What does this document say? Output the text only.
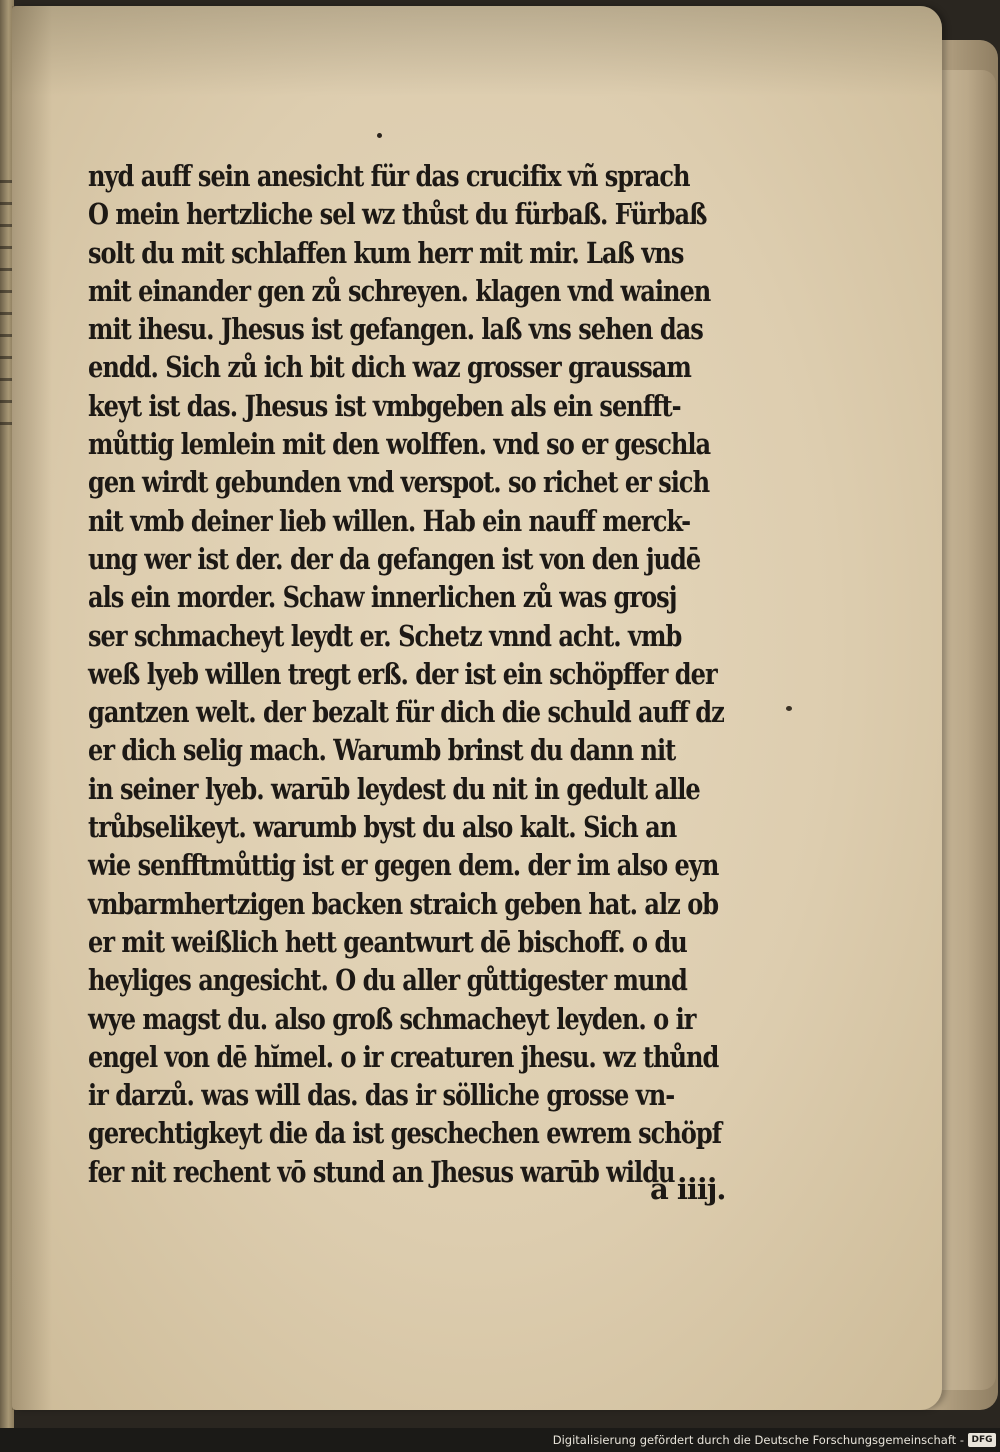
nyd auff sein anesicht für das crucifix vñ sprach
O mein hertzliche sel wz thůst du fürbaß. Fürbaß
solt du mit schlaffen kum herr mit mir. Laß vns
mit einander gen zů schreyen. klagen vnd wainen
mit ihesu. Jhesus ist gefangen. laß vns sehen das
endd. Sich zů ich bit dich waz grosser graussam
keyt ist das. Jhesus ist vmbgeben als ein senfft-
můttig lemlein mit den wolffen. vnd so er geschla
gen wirdt gebunden vnd verspot. so richet er sich
nit vmb deiner lieb willen. Hab ein nauff merck-
ung wer ist der. der da gefangen ist von den judē
als ein morder. Schaw innerlichen zů was grosj
ser schmacheyt leydt er. Schetz vnnd acht. vmb
weß lyeb willen tregt erß. der ist ein schöpffer der
gantzen welt. der bezalt für dich die schuld auff dz
er dich selig mach. Warumb brinst du dann nit
in seiner lyeb. warūb leydest du nit in gedult alle
trůbselikeyt. warumb byst du also kalt. Sich an
wie senfftmůttig ist er gegen dem. der im also eyn
vnbarmhertzigen backen straich geben hat. alz ob
er mit weißlich hett geantwurt dē bischoff. o du
heyliges angesicht. O du aller gůttigester mund
wye magst du. also groß schmacheyt leyden. o ir
engel von dē hĭmel. o ir creaturen jhesu. wz thůnd
ir darzů. was will das. das ir sölliche grosse vn-
gerechtigkeyt die da ist geschechen ewrem schöpf
fer nit rechent vō stund an Jhesus warūb wildu
a iiij.
Digitalisierung gefördert durch die Deutsche Forschungsgemeinschaft - DFG
